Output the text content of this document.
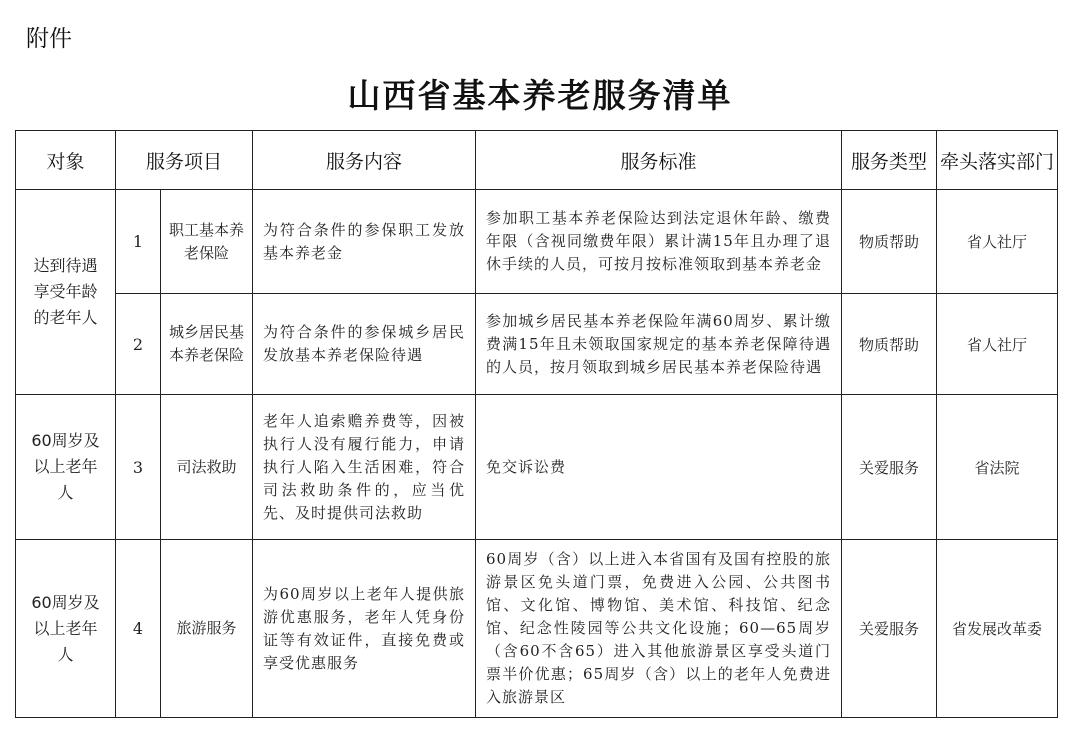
附件
山西省基本养老服务清单
对象	服务项目		服务内容	服务标准	服务类型	牵头落实部门
达到待遇享受年龄的老年人	1	职工基本养老保险	为符合条件的参保职工发放基本养老金	参加职工基本养老保险达到法定退休年龄、缴费年限（含视同缴费年限）累计满15年且办理了退休手续的人员，可按月按标准领取到基本养老金	物质帮助	省人社厅
	2	城乡居民基本养老保险	为符合条件的参保城乡居民发放基本养老保险待遇	参加城乡居民基本养老保险年满60周岁、累计缴费满15年且未领取国家规定的基本养老保障待遇的人员，按月领取到城乡居民基本养老保险待遇	物质帮助	省人社厅
60周岁及以上老年人	3	司法救助	老年人追索赡养费等，因被执行人没有履行能力，申请执行人陷入生活困难，符合司法救助条件的，应当优先、及时提供司法救助	免交诉讼费	关爱服务	省法院
60周岁及以上老年人	4	旅游服务	为60周岁以上老年人提供旅游优惠服务，老年人凭身份证等有效证件，直接免费或享受优惠服务	60周岁（含）以上进入本省国有及国有控股的旅游景区免头道门票，免费进入公园、公共图书馆、文化馆、博物馆、美术馆、科技馆、纪念馆、纪念性陵园等公共文化设施；60—65周岁（含60不含65）进入其他旅游景区享受头道门票半价优惠；65周岁（含）以上的老年人免费进入旅游景区	关爱服务	省发展改革委
